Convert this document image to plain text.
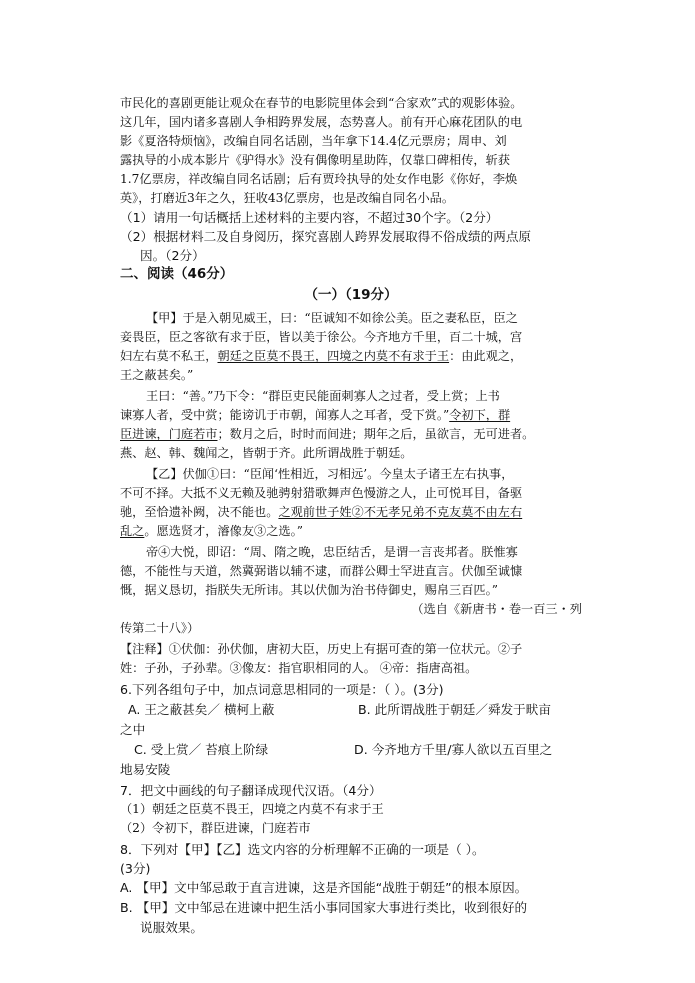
市民化的喜剧更能让观众在春节的电影院里体会到“合家欢”式的观影体验。
这几年，国内诸多喜剧人争相跨界发展，态势喜人。前有开心麻花团队的电
影《夏洛特烦恼》，改编自同名话剧，当年拿下14.4亿元票房；周申、刘
露执导的小成本影片《驴得水》没有偶像明星助阵，仅靠口碑相传，斩获
1.7亿票房，祥改编自同名话剧；后有贾玲执导的处女作电影《你好，李焕
英》，打磨近3年之久，狂收43亿票房，也是改编自同名小品。
（1）请用一句话概括上述材料的主要内容，不超过30个字。（2分）
（2）根据材料二及自身阅历，探究喜剧人跨界发展取得不俗成绩的两点原
因。（2分）
二、阅读（46分）
（一）（19分）
【甲】于是入朝见威王，曰：“臣诚知不如徐公美。臣之妻私臣，臣之
妾畏臣，臣之客欲有求于臣，皆以美于徐公。今齐地方千里，百二十城，宫
妇左右莫不私王，朝廷之臣莫不畏王，四境之内莫不有求于王：由此观之，
王之蔽甚矣。”
王曰：“善。”乃下令：“群臣吏民能面刺寡人之过者，受上赏；上书
谏寡人者，受中赏；能谤讥于市朝，闻寡人之耳者，受下赏。”令初下，群
臣进谏，门庭若市；数月之后，时时而间进；期年之后，虽欲言，无可进者。
燕、赵、韩、魏闻之，皆朝于齐。此所谓战胜于朝廷。
【乙】伏伽①曰：“臣闻‘性相近，习相远’。今皇太子诸王左右执事，
不可不择。大抵不义无赖及驰骋射猎歌舞声色慢游之人，止可悦耳目，备驱
驰，至恰遗补阙，决不能也。之观前世子姓②不无孝兄弟不克友莫不由左右
乱之。愿选贤才，濬像友③之选。”
帝④大悦，即诏：“周、隋之晚，忠臣结舌，是谓一言丧邦者。朕惟寡
德，不能性与天道，然冀弼谐以辅不逮，而群公卿士罕进直言。伏伽至诚慷
慨，据义恳切，指朕失无所讳。其以伏伽为治书侍御史，赐帛三百匹。”
（选自《新唐书・卷一百三・列
传第二十八》）
【注释】①伏伽：孙伏伽，唐初大臣，历史上有据可查的第一位状元。②子
姓：子孙，子孙辈。③像友：指官职相同的人。 ④帝：指唐高祖。
6.下列各组句子中，加点词意思相同的一项是：（ ）。(3分)
A. 王之蔽甚矣／ 横柯上蔽	B. 此所谓战胜于朝廷／舜发于畎亩
之中
C. 受上赏／ 苔痕上阶绿	D. 今齐地方千里/寡人欲以五百里之
地易安陵
7．把文中画线的句子翻译成现代汉语。（4分）
（1）朝廷之臣莫不畏王，四境之内莫不有求于王
（2）令初下，群臣进谏，门庭若市
8．下列对【甲】【乙】选文内容的分析理解不正确的一项是（ ）。
(3分)
A. 【甲】文中邹忌敢于直言进谏，这是齐国能“战胜于朝廷”的根本原因。
B. 【甲】文中邹忌在进谏中把生活小事同国家大事进行类比，收到很好的
说服效果。
